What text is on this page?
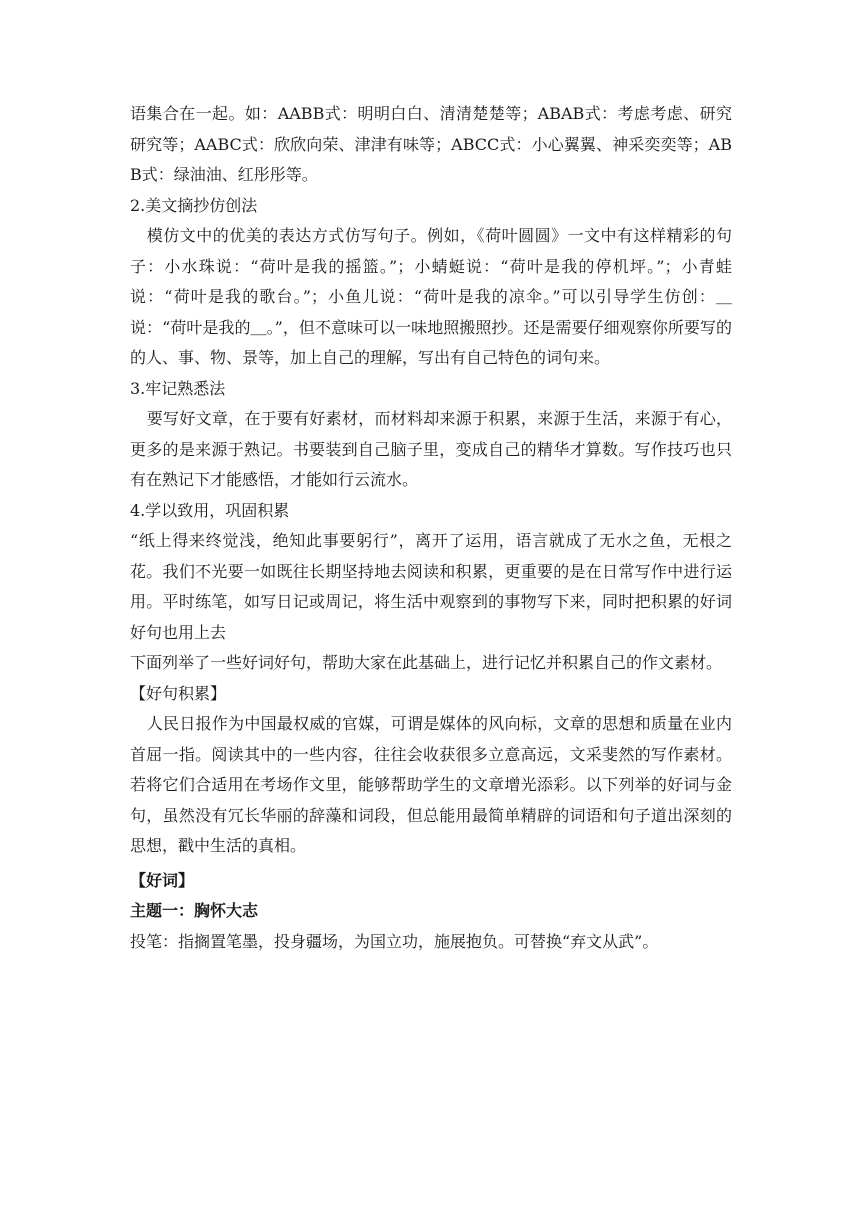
语集合在一起。如：AABB式：明明白白、清清楚楚等；ABAB式：考虑考虑、研究研究等；AABC式：欣欣向荣、津津有味等；ABCC式：小心翼翼、神采奕奕等；ABB式：绿油油、红彤彤等。

2.美文摘抄仿创法

模仿文中的优美的表达方式仿写句子。例如，《荷叶圆圆》一文中有这样精彩的句子：小水珠说：“荷叶是我的摇篮。”；小蜻蜓说：“荷叶是我的停机坪。”；小青蛙说：“荷叶是我的歌台。”；小鱼儿说：“荷叶是我的凉伞。”可以引导学生仿创：＿ 说：“荷叶是我的＿。”，但不意味可以一味地照搬照抄。还是需要仔细观察你所要写的的人、事、物、景等，加上自己的理解，写出有自己特色的词句来。

3.牢记熟悉法

要写好文章，在于要有好素材，而材料却来源于积累，来源于生活，来源于有心，更多的是来源于熟记。书要装到自己脑子里，变成自己的精华才算数。写作技巧也只有在熟记下才能感悟，才能如行云流水。

4.学以致用，巩固积累

“纸上得来终觉浅，绝知此事要躬行”，离开了运用，语言就成了无水之鱼，无根之花。我们不光要一如既往长期坚持地去阅读和积累，更重要的是在日常写作中进行运用。平时练笔，如写日记或周记，将生活中观察到的事物写下来，同时把积累的好词好句也用上去

下面列举了一些好词好句，帮助大家在此基础上，进行记忆并积累自己的作文素材。

【好句积累】

人民日报作为中国最权威的官媒，可谓是媒体的风向标，文章的思想和质量在业内首屈一指。阅读其中的一些内容，往往会收获很多立意高远，文采斐然的写作素材。若将它们合适用在考场作文里，能够帮助学生的文章增光添彩。以下列举的好词与金句，虽然没有冗长华丽的辞藻和词段，但总能用最简单精辟的词语和句子道出深刻的思想，戳中生活的真相。

【好词】

主题一：胸怀大志

投笔：指搁置笔墨，投身疆场，为国立功，施展抱负。可替换“弃文从武”。
